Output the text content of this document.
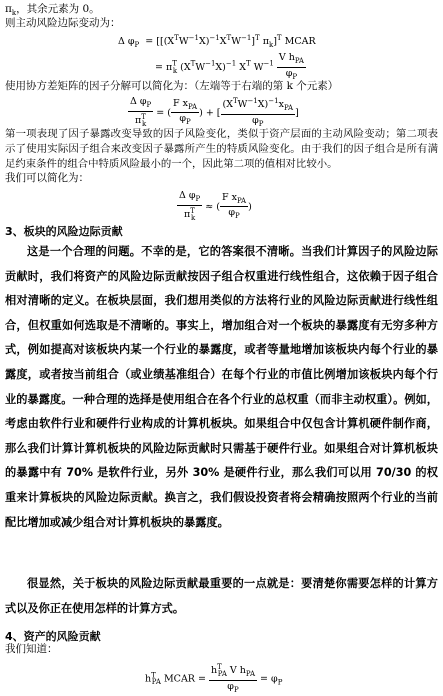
$\pi_k$，其余元素为 0。
则主动风险边际变动为：
Δ $\varphi_P = [[(X^TW^{-1}X)^{-1}X^TW^{-1}]^T$ $\pi_k]^T$ MCAR
= $\pi^T_k$ $(X^TW^{-1}X)^{-1}$ $X^T$ $W^{-1} \frac{V h_{PA}}{\varphi_P}$
使用协方差矩阵的因子分解可以简化为：（左端等于右端的第 k 个元素）
$\frac{\Delta \varphi_P}{\pi^T_k}$ = ( $\frac{F x_{PA}}{\varphi_P}$ ) + [ $\frac{(X^TW^{-1}X)^{-1}x_{PA}}{\varphi_P}$ ]
第一项表现了因子暴露改变导致的因子风险变化，类似于资产层面的主动风险变动；第二项表示了使用实际因子组合来改变因子暴露所产生的特质风险变化。由于我们的因子组合是所有满足约束条件的组合中特质风险最小的一个，因此第二项的值相对比较小。
我们可以简化为：
$\frac{\Delta \varphi_P}{\pi^T_k}$ ≈ ( $\frac{F x_{PA}}{\varphi_P}$ )
3、板块的风险边际贡献
这是一个合理的问题。不幸的是，它的答案很不清晰。当我们计算因子的风险边际贡献时，我们将资产的风险边际贡献按因子组合权重进行线性组合，这依赖于因子组合相对清晰的定义。在板块层面，我们想用类似的方法将行业的风险边际贡献进行线性组合，但权重如何选取是不清晰的。事实上，增加组合对一个板块的暴露度有无穷多种方式，例如提高对该板块内某一个行业的暴露度，或者等量地增加该板块内每个行业的暴露度，或者按当前组合（或业绩基准组合）在每个行业的市值比例增加该板块内每个行业的暴露度。一种合理的选择是使用组合在各个行业的总权重（而非主动权重）。例如，考虑由软件行业和硬件行业构成的计算机板块。如果组合中仅包含计算机硬件制作商，那么我们计算计算机板块的风险边际贡献时只需基于硬件行业。如果组合对计算机板块的暴露中有 70% 是软件行业，另外 30% 是硬件行业，那么我们可以用 70/30 的权重来计算板块的风险边际贡献。换言之，我们假设投资者将会精确按照两个行业的当前配比增加或减少组合对计算机板块的暴露度。
很显然，关于板块的风险边际贡献最重要的一点就是：要清楚你需要怎样的计算方式以及你正在使用怎样的计算方式。
4、资产的风险贡献
我们知道：
$h^T_{PA}$ MCAR = $\frac{h^T_{PA} V h_{PA}}{\varphi_P} = \varphi_P$
